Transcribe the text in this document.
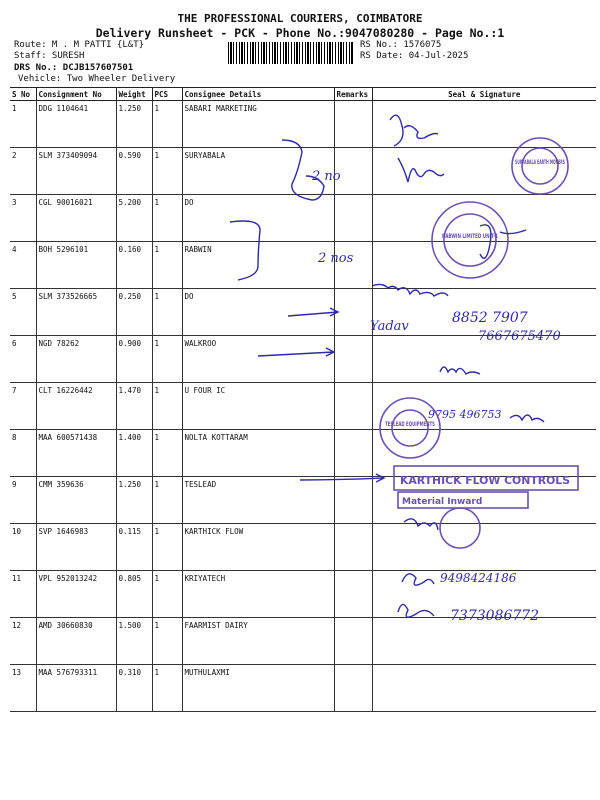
THE PROFESSIONAL COURIERS, COIMBATORE
Delivery Runsheet - PCK - Phone No.:9047080280 - Page No.:1
Route: M . M PATTI {L&T}
Staff: SURESH
DRS No.: DCJB157607501
Vehicle: Two Wheeler Delivery
RS No.: 1576075
RS Date: 04-Jul-2025
S No	Consignment No	Weight	PCS	Consignee Details	Remarks	Seal & Signature
1	DDG 1104641	1.250	1	SABARI MARKETING		
2	SLM 373409094	0.590	1	SURYABALA		
3	CGL 90016021	5.200	1	DO		
4	BOH 5296101	0.160	1	RABWIN		
5	SLM 373526665	0.250	1	DO		
6	NGD 78262	0.900	1	WALKROO		
7	CLT 16226442	1.470	1	U FOUR IC		
8	MAA 600571438	1.400	1	NOLTA KOTTARAM		
9	CMM 359636	1.250	1	TESLEAD		
10	SVP 1646983	0.115	1	KARTHICK FLOW		
11	VPL 952013242	0.805	1	KRIYATECH		
12	AMD 30660830	1.500	1	FAARMIST DAIRY		
13	MAA 576793311	0.310	1	MUTHULAXMI		
2 no
SURYABALA EARTH MOVERS
2 nos
RABWIN LIMITED UNIT-1
Yadav
8852 7907
7667675470
9795 496753
TESLEAD EQUIPMENTS
KARTHICK FLOW CONTROLS
Material Inward
9498424186
7373086772
